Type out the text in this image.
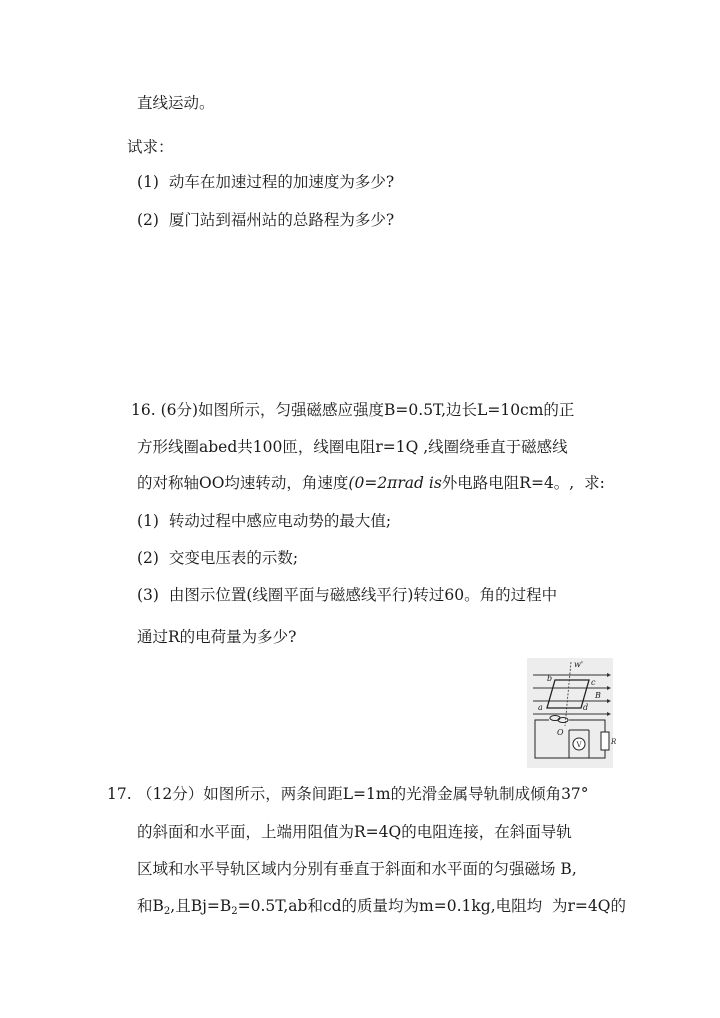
直线运动。
试求：
(1) 动车在加速过程的加速度为多少?
(2) 厦门站到福州站的总路程为多少?
16. (6分)如图所示，匀强磁感应强度B=0.5T,边长L=10cm的正
方形线圈abed共100匝，线圈电阻r=1Q ,线圈绕垂直于磁感线
的对称轴OO均速转动，角速度(0=2πrad is外电路电阻R=4。,  求:
(1) 转动过程中感应电动势的最大值;
(2) 交变电压表的示数;
(3) 由图示位置(线圈平面与磁感线平行)转过60。角的过程中
通过R的电荷量为多少?
w'
b	c
B
a	d
O
V	R
17. （12分）如图所示，两条间距L=1m的光滑金属导轨制成倾角37°
的斜面和水平面，上端用阻值为R=4Q的电阻连接，在斜面导轨
区域和水平导轨区域内分别有垂直于斜面和水平面的匀强磁场 B,
和$B_2$,且$Bj=B_2=0.5T,ab$和cd的质量均为m=0.1kg,电阻均  为r=4Q的
